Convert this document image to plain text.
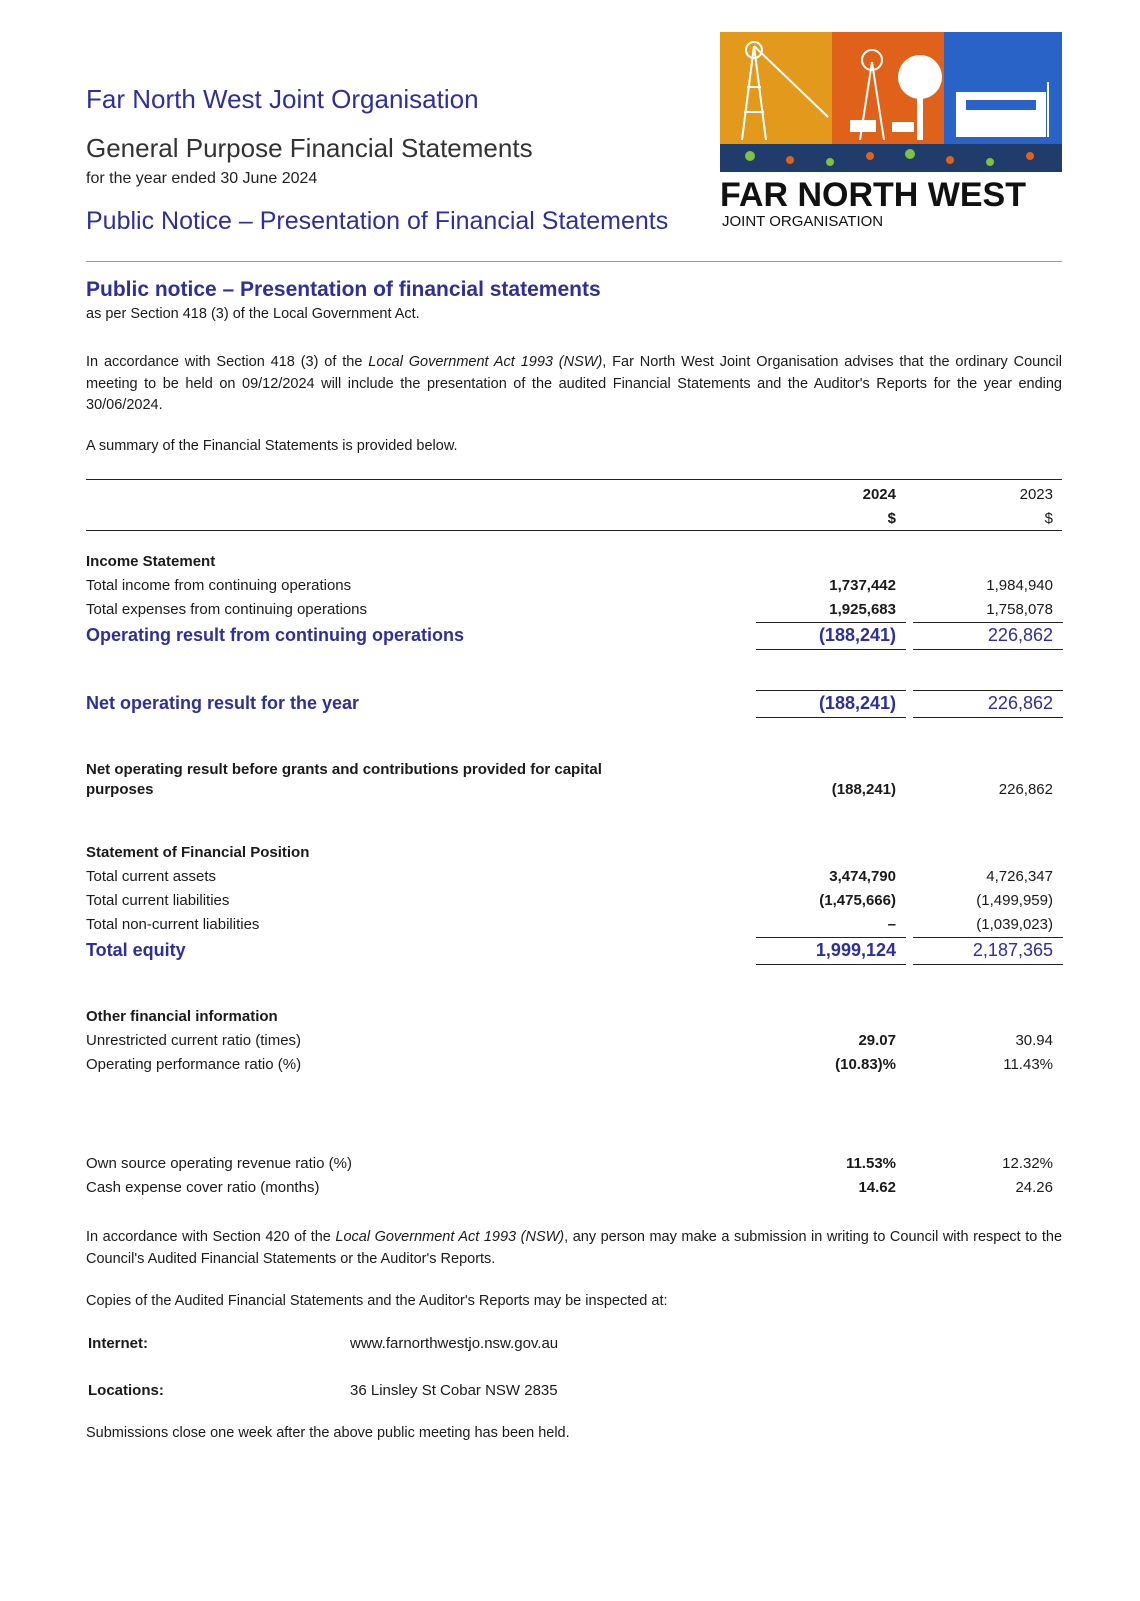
Far North West Joint Organisation
General Purpose Financial Statements
for the year ended 30 June 2024
Public Notice – Presentation of Financial Statements
FAR NORTH WEST
JOINT ORGANISATION
Public notice – Presentation of financial statements
as per Section 418 (3) of the Local Government Act.
In accordance with Section 418 (3) of the Local Government Act 1993 (NSW), Far North West Joint Organisation advises that the ordinary Council meeting to be held on 09/12/2024 will include the presentation of the audited Financial Statements and the Auditor's Reports for the year ending 30/06/2024.
A summary of the Financial Statements is provided below.
2024	2023
$	$
Income Statement
Total income from continuing operations	1,737,442	1,984,940
Total expenses from continuing operations	1,925,683	1,758,078
Operating result from continuing operations	(188,241)	226,862
Net operating result for the year	(188,241)	226,862
Net operating result before grants and contributions provided for capital
purposes	(188,241)	226,862
Statement of Financial Position
Total current assets	3,474,790	4,726,347
Total current liabilities	(1,475,666)	(1,499,959)
Total non-current liabilities	–	(1,039,023)
Total equity	1,999,124	2,187,365
Other financial information
Unrestricted current ratio (times)	29.07	30.94
Operating performance ratio (%)	(10.83)%	11.43%
Own source operating revenue ratio (%)	11.53%	12.32%
Cash expense cover ratio (months)	14.62	24.26
In accordance with Section 420 of the Local Government Act 1993 (NSW), any person may make a submission in writing to Council with respect to the Council's Audited Financial Statements or the Auditor's Reports.
Copies of the Audited Financial Statements and the Auditor's Reports may be inspected at:
Internet:	www.farnorthwestjo.nsw.gov.au
Locations:	36 Linsley St Cobar NSW 2835
Submissions close one week after the above public meeting has been held.
